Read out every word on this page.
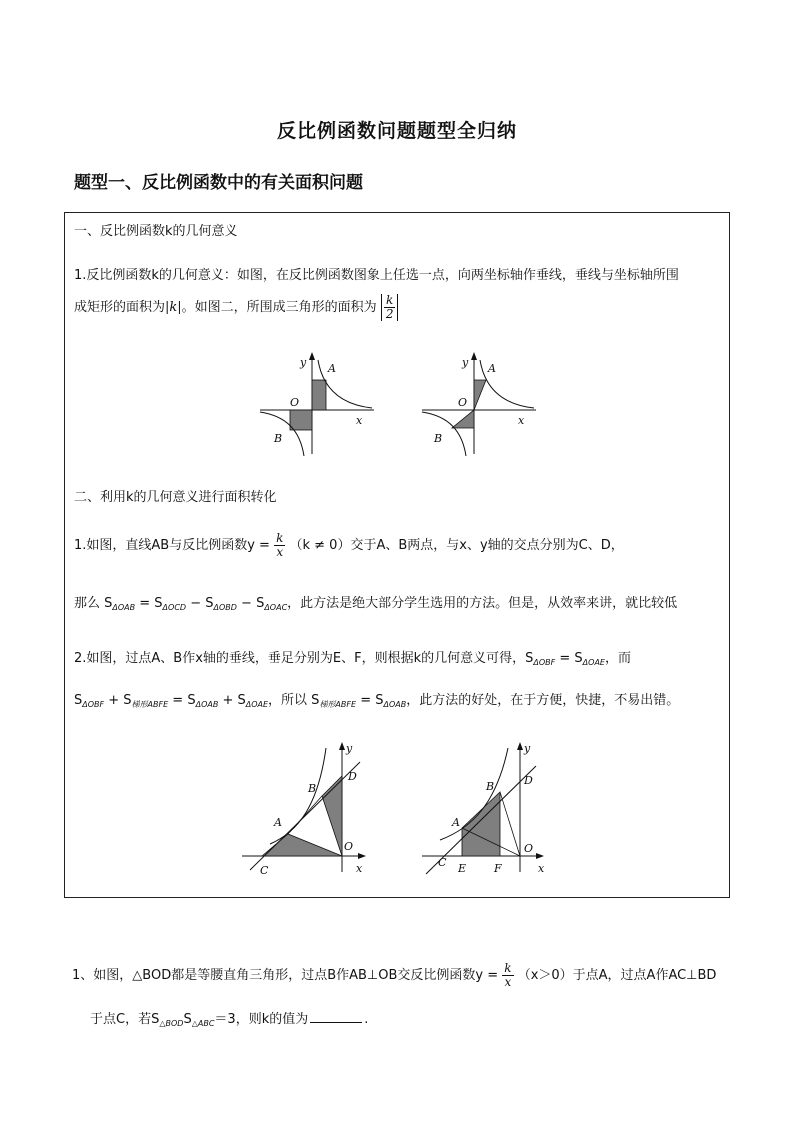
反比例函数问题题型全归纳
题型一、反比例函数中的有关面积问题
一、反比例函数k的几何意义
1.反比例函数k的几何意义：如图，在反比例函数图象上任选一点，向两坐标轴作垂线，垂线与坐标轴所围
成矩形的面积为|k|。如图二，所围成三角形的面积为 $\frac{k}{2}$
y A
O
x
B
y A
O
x
B
二、利用k的几何意义进行面积转化
1.如图，直线AB与反比例函数$y = \frac{k}{x} (k \ne 0)$交于A、B两点，与x、y轴的交点分别为C、D，
那么 $S_{\Delta OAB} = S_{\Delta OCD} - S_{\Delta OBD} - S_{\Delta OAC}$，此方法是绝大部分学生选用的方法。但是，从效率来讲，就比较低
2.如图，过点A、B作x轴的垂线，垂足分别为E、F，则根据k的几何意义可得，$S_{\Delta OBF} = S_{\Delta OAE}$，而
$S_{\Delta OBF} + S_{梯形ABFE} = S_{\Delta OAB} + S_{\Delta OAE}$，所以 $S_{梯形ABFE} = S_{\Delta OAB}$，此方法的好处，在于方便，快捷，不易出错。
y
D
B
A
O
C	x
y
D
B
A
O
C E	F	x
1、如图，△BOD都是等腰直角三角形，过点B作AB⊥OB交反比例函数$y = \frac{k}{x} (x>0)$于点A，过点A作AC⊥BD
于点C，若$S_{\triangle BOD}S_{\triangle ABC}=3$，则k的值为	.
